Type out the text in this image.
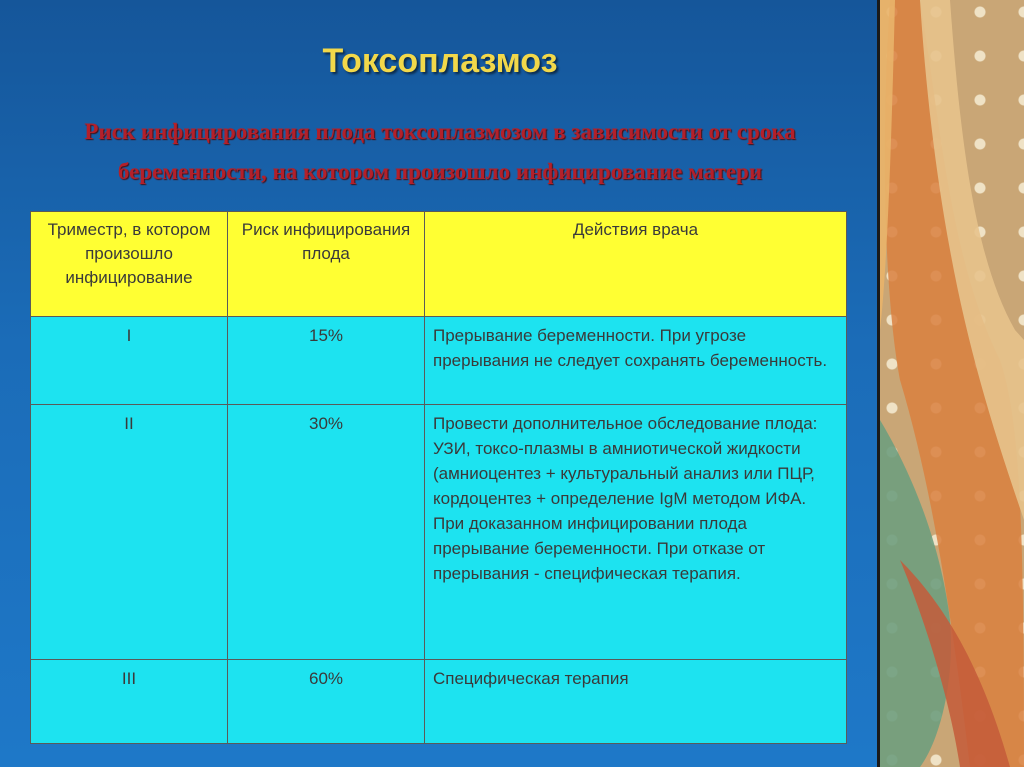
Токсоплазмоз
Риск инфицирования плода токсоплазмозом в зависимости от срока
беременности, на котором произошло инфицирование матери
Триместр, в котором произошло инфицирование	Риск инфицирования плода	Действия врача
I	15%	Прерывание беременности. При угрозе прерывания не следует сохранять беременность.
II	30%	Провести дополнительное обследование плода: УЗИ, токсо-плазмы в амниотической жидкости (амниоцентез + культуральный анализ или ПЦР, кордоцентез + определение IgM методом ИФА. При доказанном инфицировании плода прерывание беременности. При отказе от прерывания - специфическая терапия.
III	60%	Специфическая терапия
